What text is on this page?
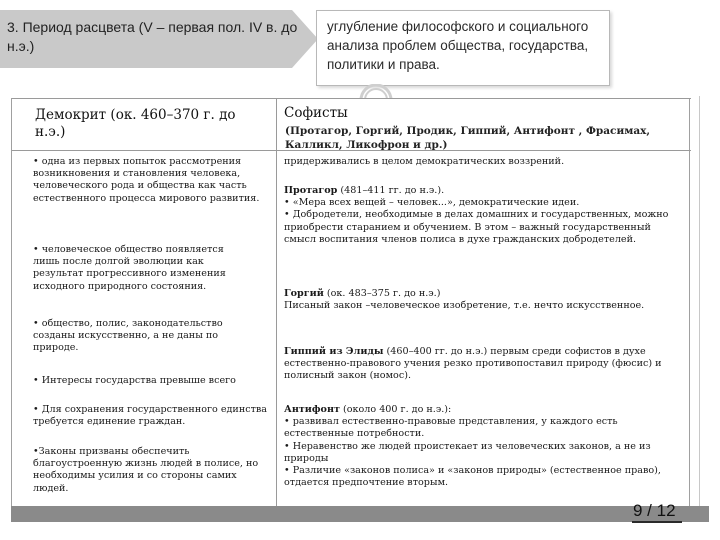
3. Период расцвета (V – первая пол. IV в. до н.э.)
углубление философского и социального анализа проблем общества, государства, политики и права.
Демокрит (ок. 460–370 г. до н.э.)
Софисты
(Протагор, Горгий, Продик, Гиппий, Антифонт , Фрасимах, Калликл, Ликофрон и др.)
• одна из первых попыток рассмотрения возникновения и становления человека, человеческого рода и общества как часть естественного процесса мирового развития.
• человеческое общество появляется лишь после долгой эволюции как результат прогрессивного изменения исходного природного состояния.
• общество, полис, законодательство созданы искусственно, а не даны по природе.
• Интересы государства превыше всего
• Для сохранения государственного единства требуется единение граждан.
•Законы призваны обеспечить благоустроенную жизнь людей в полисе, но необходимы усилия и со стороны самих людей.
придерживались в целом демократических воззрений.

Протагор (481–411 гг. до н.э.).

• «Мера всех вещей – человек...», демократические идеи.

• Добродетели, необходимые в делах домашних и государственных, можно приобрести старанием и обучением. В этом – важный государственный смысл воспитания членов полиса в духе гражданских добродетелей.

Горгий (ок. 483–375 г. до н.э.)

Писаный закон –человеческое изобретение, т.е. нечто искусственное.

Гиппий из Элиды (460–400 гг. до н.э.) первым среди софистов в духе естественно-правового учения резко противопоставил природу (фюсис) и полисный закон (номос).

Антифонт (около 400 г. до н.э.):

• развивал естественно-правовые представления, у каждого есть естественные потребности.

• Неравенство же людей проистекает из человеческих законов, а не из природы

• Различие «законов полиса» и «законов природы» (естественное право), отдается предпочтение вторым.

9 / 12
